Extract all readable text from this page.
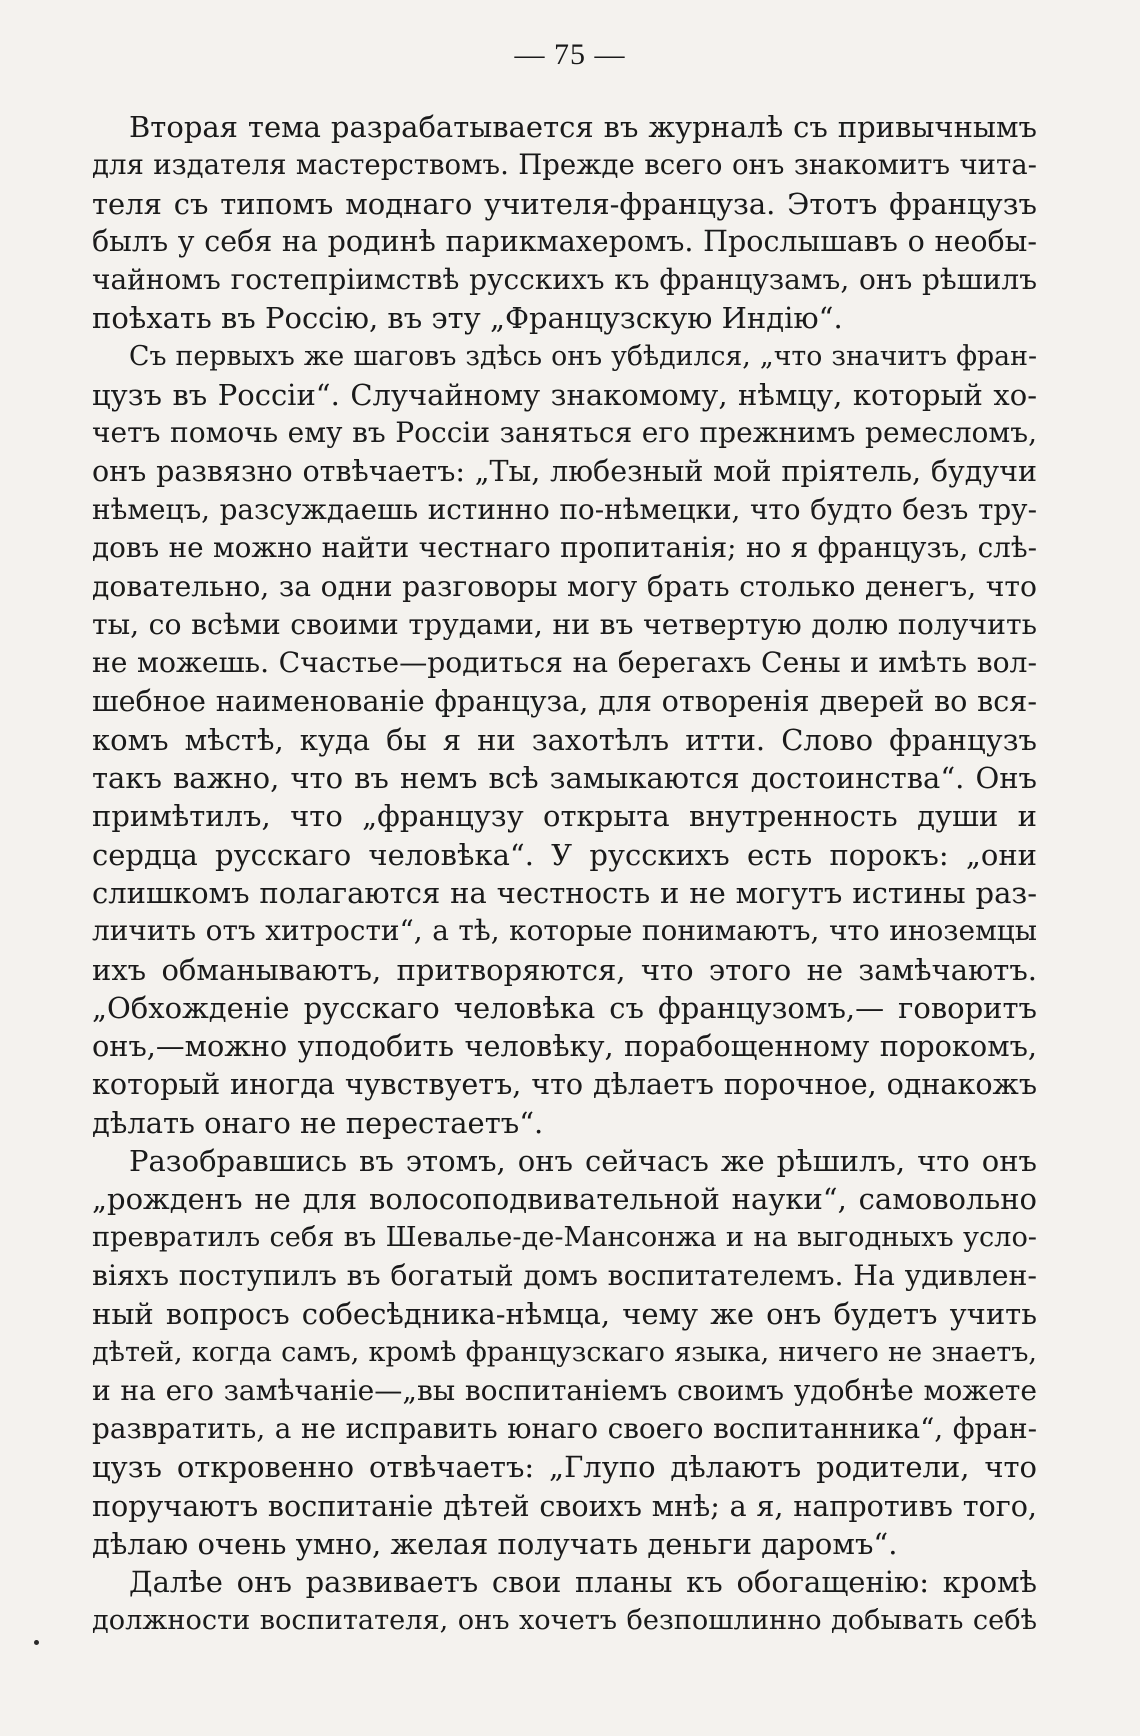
— 75 —
Вторая тема разрабатывается въ журналѣ съ привычнымъ
для издателя мастерствомъ. Прежде всего онъ знакомитъ чита-
теля съ типомъ моднаго учителя-француза. Этотъ французъ
былъ у себя на родинѣ парикмахеромъ. Прослышавъ о необы-
чайномъ гостепріимствѣ русскихъ къ французамъ, онъ рѣшилъ
поѣхать въ Россію, въ эту „Французскую Индію“.
Съ первыхъ же шаговъ здѣсь онъ убѣдился, „что значитъ фран-
цузъ въ Россіи“. Случайному знакомому, нѣмцу, который хо-
четъ помочь ему въ Россіи заняться его прежнимъ ремесломъ,
онъ развязно отвѣчаетъ: „Ты, любезный мой пріятель, будучи
нѣмецъ, разсуждаешь истинно по-нѣмецки, что будто безъ тру-
довъ не можно найти честнаго пропитанія; но я французъ, слѣ-
довательно, за одни разговоры могу брать столько денегъ, что
ты, со всѣми своими трудами, ни въ четвертую долю получить
не можешь. Счастье—родиться на берегахъ Сены и имѣть вол-
шебное наименованіе француза, для отворенія дверей во вся-
комъ мѣстѣ, куда бы я ни захотѣлъ итти. Слово французъ
такъ важно, что въ немъ всѣ замыкаются достоинства“. Онъ
примѣтилъ, что „французу открыта внутренность души и
сердца русскаго человѣка“. У русскихъ есть порокъ: „они
слишкомъ полагаются на честность и не могутъ истины раз-
личить отъ хитрости“, а тѣ, которые понимаютъ, что иноземцы
ихъ обманываютъ, притворяются, что этого не замѣчаютъ.
„Обхожденіе русскаго человѣка съ французомъ,— говоритъ
онъ,—можно уподобить человѣку, порабощенному порокомъ,
который иногда чувствуетъ, что дѣлаетъ порочное, однакожъ
дѣлать онаго не перестаетъ“.
Разобравшись въ этомъ, онъ сейчасъ же рѣшилъ, что онъ
„рожденъ не для волосоподвивательной науки“, самовольно
превратилъ себя въ Шевалье-де-Мансонжа и на выгодныхъ усло-
віяхъ поступилъ въ богатый домъ воспитателемъ. На удивлен-
ный вопросъ собесѣдника-нѣмца, чему же онъ будетъ учить
дѣтей, когда самъ, кромѣ французскаго языка, ничего не знаетъ,
и на его замѣчаніе—„вы воспитаніемъ своимъ удобнѣе можете
развратить, а не исправить юнаго своего воспитанника“, фран-
цузъ откровенно отвѣчаетъ: „Глупо дѣлаютъ родители, что
поручаютъ воспитаніе дѣтей своихъ мнѣ; а я, напротивъ того,
дѣлаю очень умно, желая получать деньги даромъ“.
Далѣе онъ развиваетъ свои планы къ обогащенію: кромѣ
должности воспитателя, онъ хочетъ безпошлинно добывать себѣ
